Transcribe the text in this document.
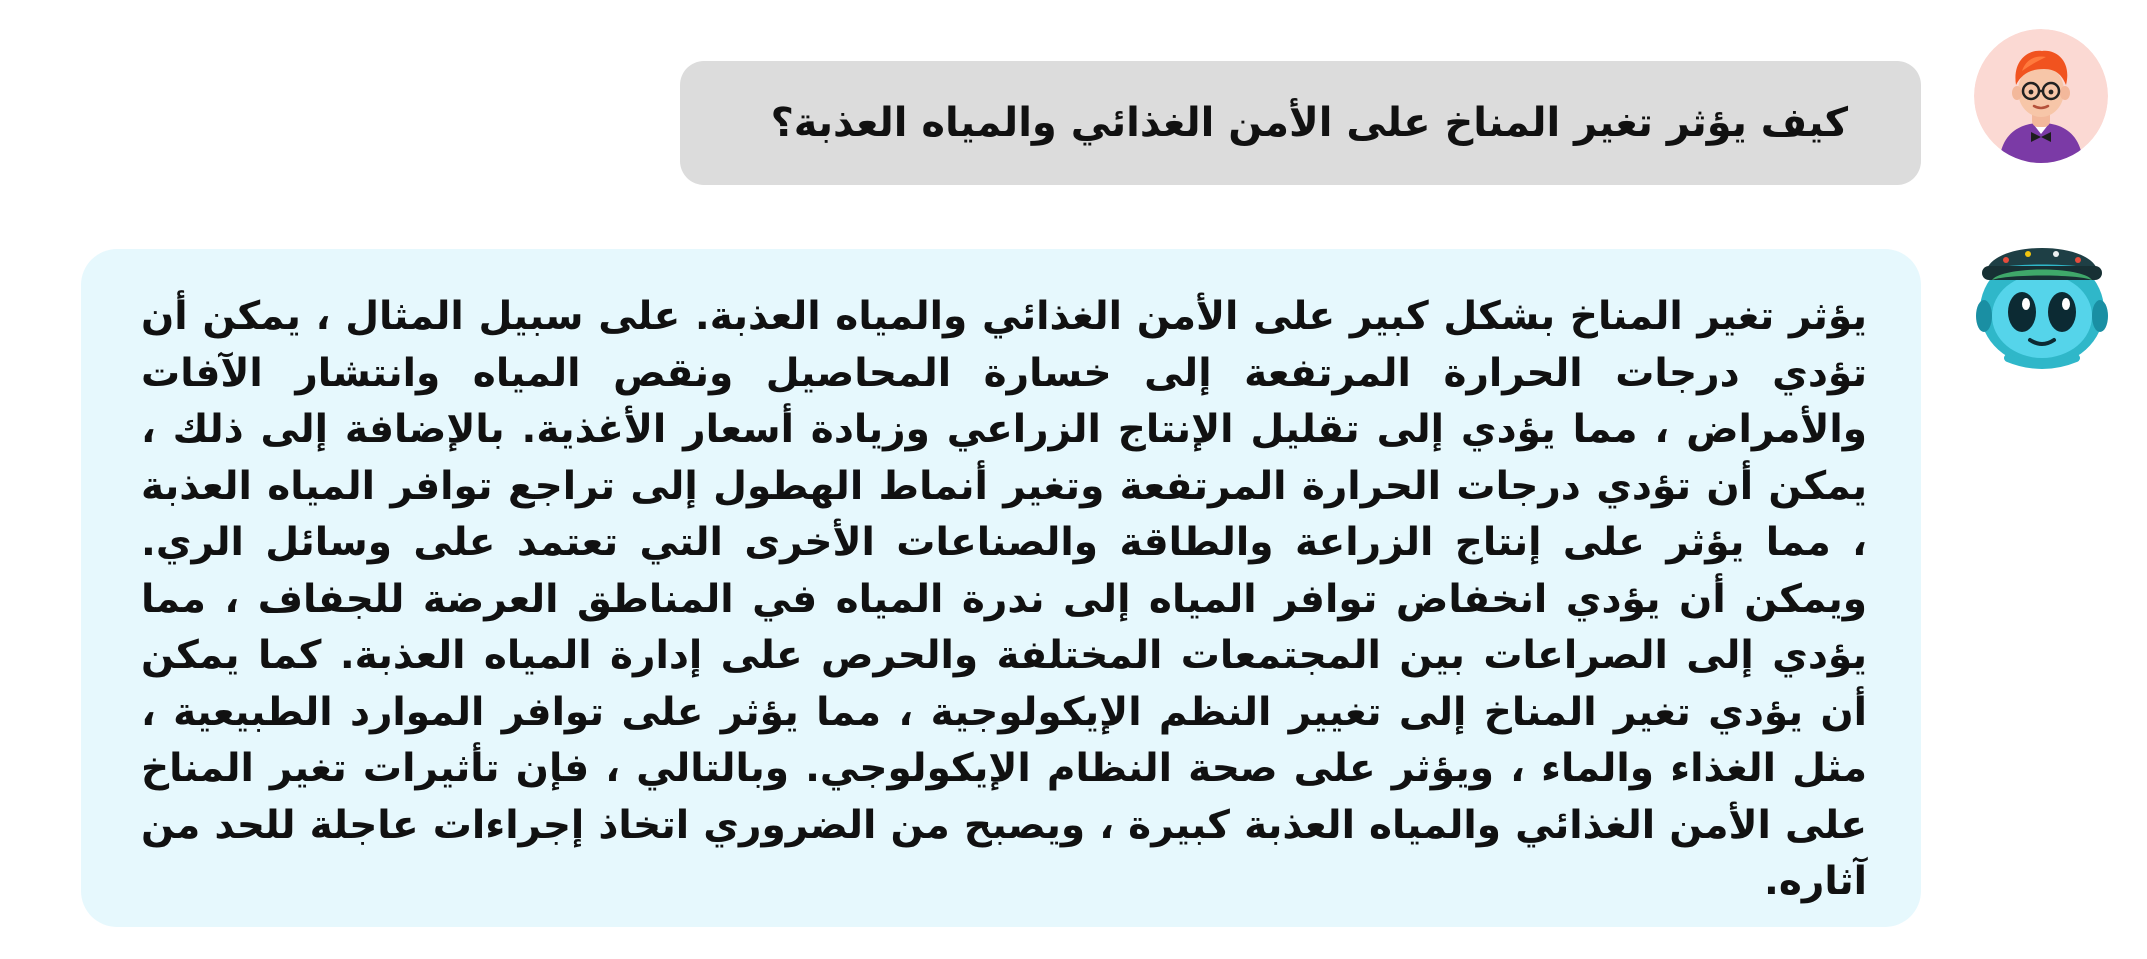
كيف يؤثر تغير المناخ على الأمن الغذائي والمياه العذبة؟
يؤثر تغير المناخ بشكل كبير على الأمن الغذائي والمياه العذبة. على سبيل المثال ، يمكن أن تؤدي درجات الحرارة المرتفعة إلى خسارة المحاصيل ونقص المياه وانتشار الآفات والأمراض ، مما يؤدي إلى تقليل الإنتاج الزراعي وزيادة أسعار الأغذية. بالإضافة إلى ذلك ، يمكن أن تؤدي درجات الحرارة المرتفعة وتغير أنماط الهطول إلى تراجع توافر المياه العذبة ، مما يؤثر على إنتاج الزراعة والطاقة والصناعات الأخرى التي تعتمد على وسائل الري. ويمكن أن يؤدي انخفاض توافر المياه إلى ندرة المياه في المناطق العرضة للجفاف ، مما يؤدي إلى الصراعات بين المجتمعات المختلفة والحرص على إدارة المياه العذبة. كما يمكن أن يؤدي تغير المناخ إلى تغيير النظم الإيكولوجية ، مما يؤثر على توافر الموارد الطبيعية ، مثل الغذاء والماء ، ويؤثر على صحة النظام الإيكولوجي. وبالتالي ، فإن تأثيرات تغير المناخ على الأمن الغذائي والمياه العذبة كبيرة ، ويصبح من الضروري اتخاذ إجراءات عاجلة للحد من آثاره.
